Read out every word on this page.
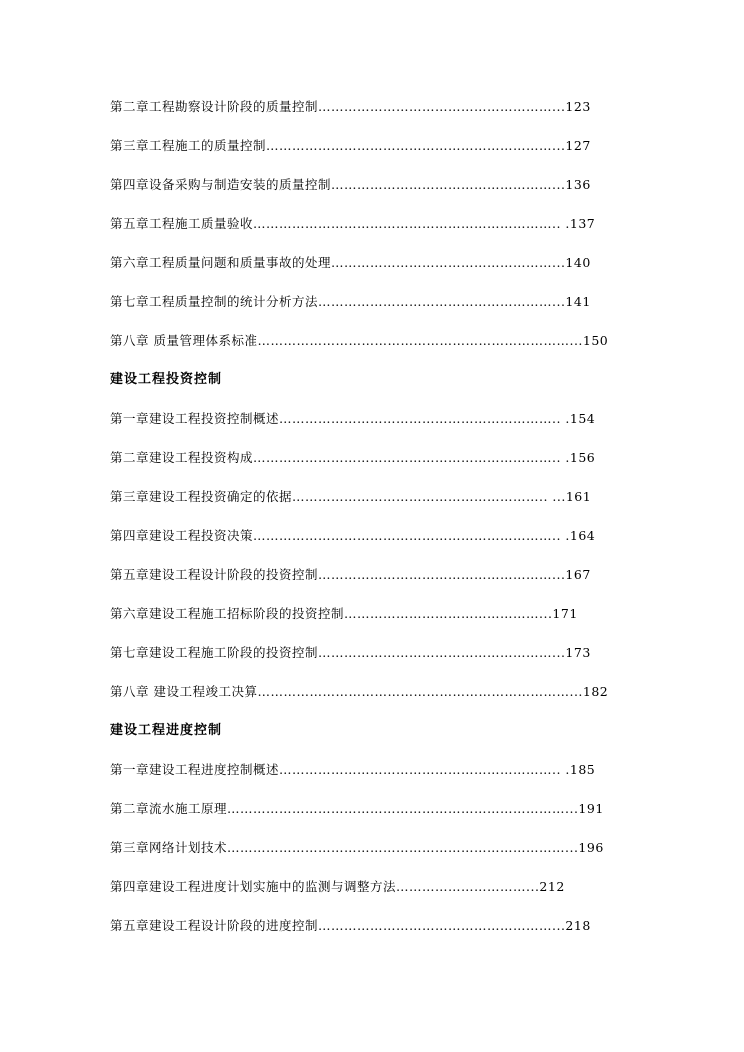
第二章工程勘察设计阶段的质量控制………………………………………………...123
第三章工程施工的质量控制…………………………………………………………...127
第四章设备采购与制造安装的质量控制……………………………………………...136
第五章工程施工质量验收…………………………………………………………….. .137
第六章工程质量问题和质量事故的处理……………………………………………...140
第七章工程质量控制的统计分析方法………………………………………………...141
第八章 质量管理体系标准………………………………………………………………...150
建设工程投资控制
第一章建设工程投资控制概述……………………………………………………….. .154
第二章建设工程投资构成…………………………………………………………….. .156
第三章建设工程投资确定的依据………………………………………………….. ...161
第四章建设工程投资决策…………………………………………………………….. .164
第五章建设工程设计阶段的投资控制………………………………………………...167
第六章建设工程施工招标阶段的投资控制………………………………………...171
第七章建设工程施工阶段的投资控制………………………………………………...173
第八章 建设工程竣工决算………………………………………………………………...182
建设工程进度控制
第一章建设工程进度控制概述……………………………………………………….. .185
第二章流水施工原理……………………………………………………………………...191
第三章网络计划技术……………………………………………………………………...196
第四章建设工程进度计划实施中的监测与调整方法…………………………...212
第五章建设工程设计阶段的进度控制………………………………………………...218
